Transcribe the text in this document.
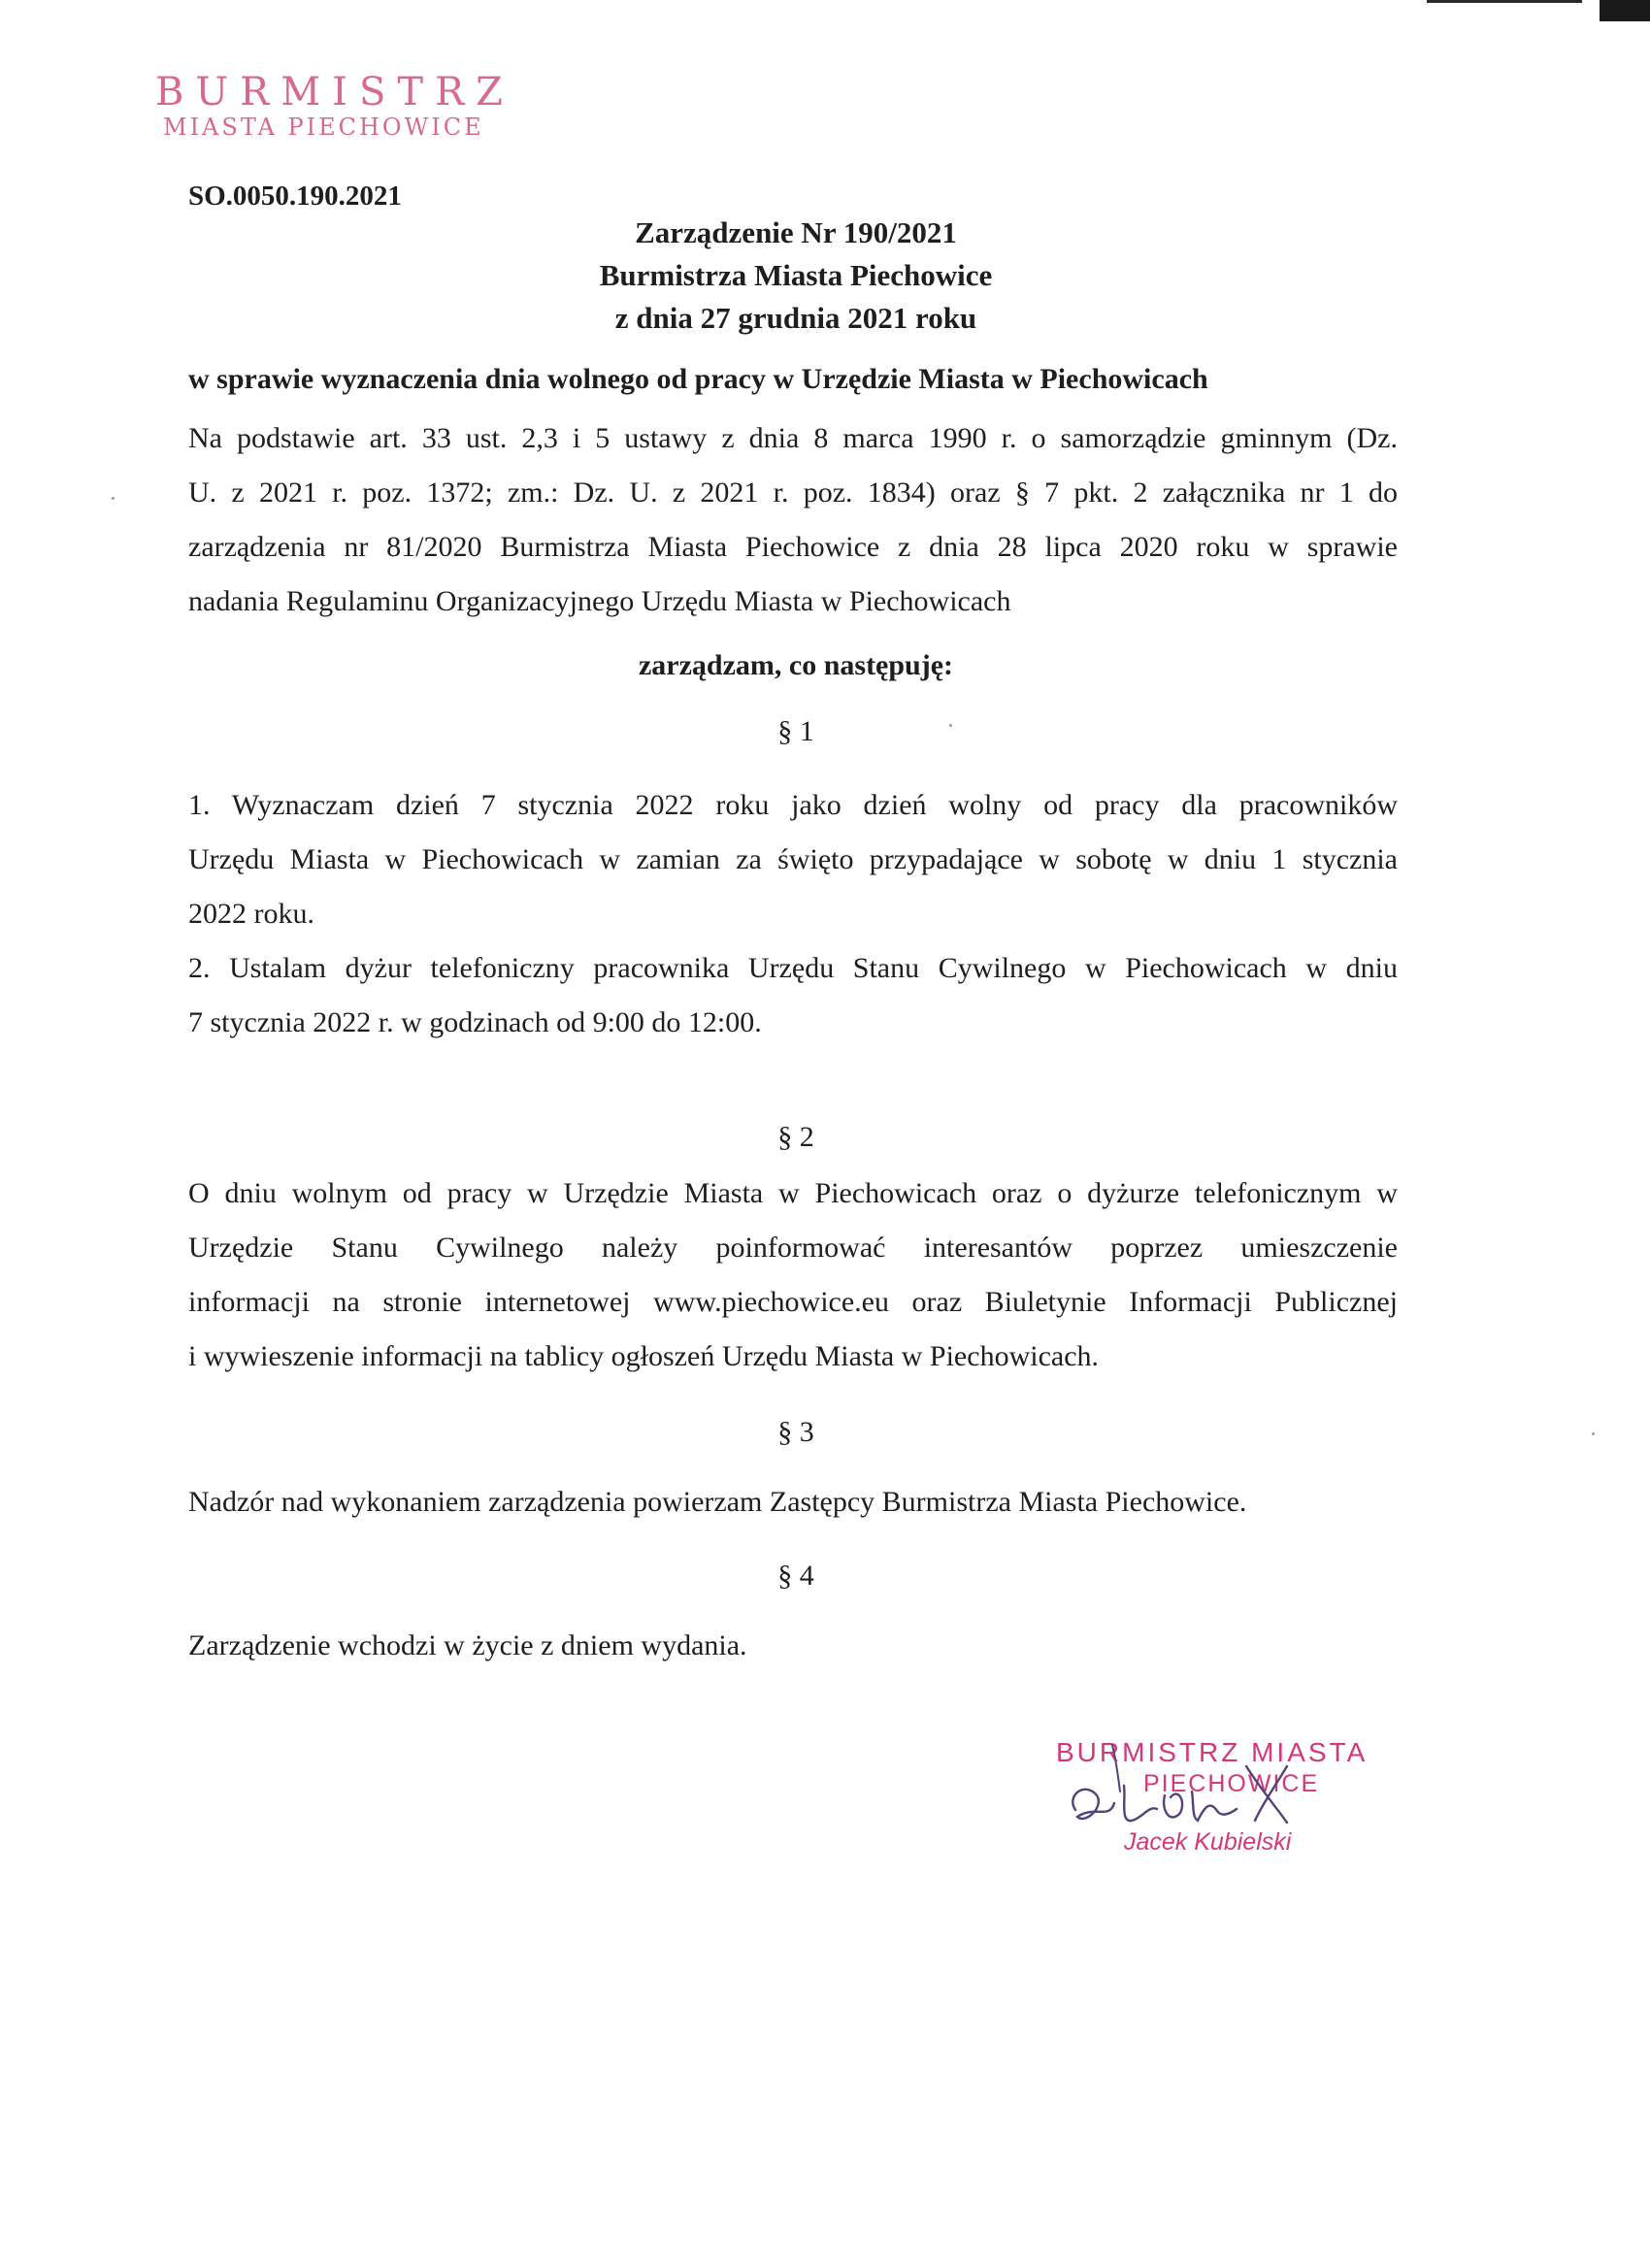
BURMISTRZ
MIASTA PIECHOWICE
SO.0050.190.2021
Zarządzenie Nr 190/2021
Burmistrza Miasta Piechowice
z dnia 27 grudnia 2021 roku
w sprawie wyznaczenia dnia wolnego od pracy w Urzędzie Miasta w Piechowicach
Na podstawie art. 33 ust. 2,3 i 5 ustawy z dnia 8 marca 1990 r. o samorządzie gminnym (Dz.
U. z 2021 r. poz. 1372; zm.: Dz. U. z 2021 r. poz. 1834) oraz § 7 pkt. 2 załącznika nr 1 do
zarządzenia nr 81/2020 Burmistrza Miasta Piechowice z dnia 28 lipca 2020 roku w sprawie
nadania Regulaminu Organizacyjnego Urzędu Miasta w Piechowicach
zarządzam, co następuję:
§ 1
1. Wyznaczam dzień 7 stycznia 2022 roku jako dzień wolny od pracy dla pracowników
Urzędu Miasta w Piechowicach w zamian za święto przypadające w sobotę w dniu 1 stycznia
2022 roku.
2. Ustalam dyżur telefoniczny pracownika Urzędu Stanu Cywilnego w Piechowicach w dniu
7 stycznia 2022 r. w godzinach od 9:00 do 12:00.
§ 2
O dniu wolnym od pracy w Urzędzie Miasta w Piechowicach oraz o dyżurze telefonicznym w
Urzędzie Stanu Cywilnego należy poinformować interesantów poprzez umieszczenie
informacji na stronie internetowej www.piechowice.eu oraz Biuletynie Informacji Publicznej
i wywieszenie informacji na tablicy ogłoszeń Urzędu Miasta w Piechowicach.
§ 3
Nadzór nad wykonaniem zarządzenia powierzam Zastępcy Burmistrza Miasta Piechowice.
§ 4
Zarządzenie wchodzi w życie z dniem wydania.
BURMISTRZ MIASTA
PIECHOWICE
Jacek Kubielski
